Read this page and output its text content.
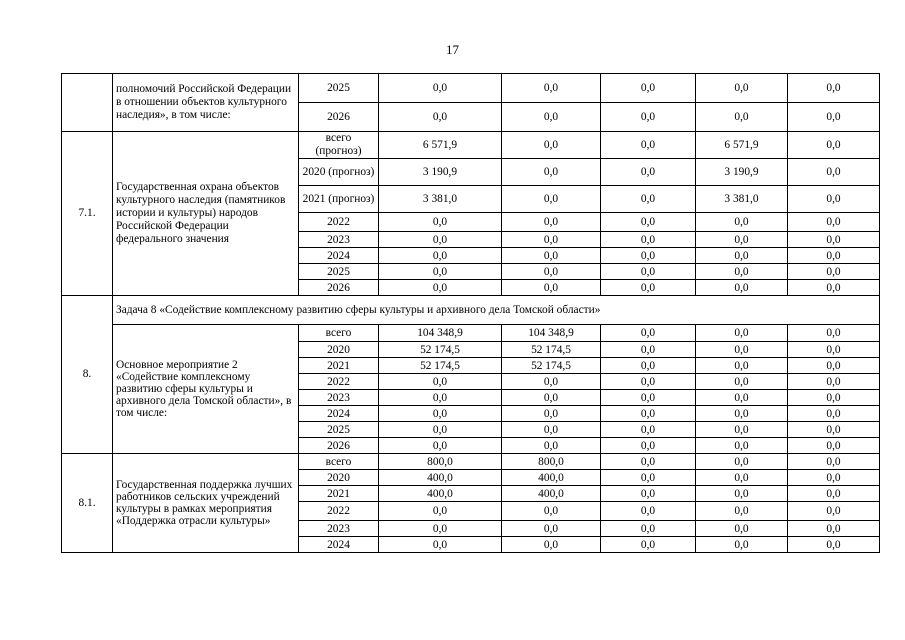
17
	полномочий Российской Федерации в отношении объектов культурного наследия», в том числе:	2025	0,0	0,0	0,0	0,0	0,0
		2026	0,0	0,0	0,0	0,0	0,0
7.1.	Государственная охрана объектов культурного наследия (памятников истории и культуры) народов Российской Федерации федерального значения	всего (прогноз)	6 571,9	0,0	0,0	6 571,9	0,0
		2020 (прогноз)	3 190,9	0,0	0,0	3 190,9	0,0
		2021 (прогноз)	3 381,0	0,0	0,0	3 381,0	0,0
		2022	0,0	0,0	0,0	0,0	0,0
		2023	0,0	0,0	0,0	0,0	0,0
		2024	0,0	0,0	0,0	0,0	0,0
		2025	0,0	0,0	0,0	0,0	0,0
		2026	0,0	0,0	0,0	0,0	0,0
8.	Задача 8 «Содействие комплексному развитию сферы культуры и архивного дела Томской области»						
	Основное мероприятие 2 «Содействие комплексному развитию сферы культуры и архивного дела Томской области», в том числе:	всего	104 348,9	104 348,9	0,0	0,0	0,0
		2020	52 174,5	52 174,5	0,0	0,0	0,0
		2021	52 174,5	52 174,5	0,0	0,0	0,0
		2022	0,0	0,0	0,0	0,0	0,0
		2023	0,0	0,0	0,0	0,0	0,0
		2024	0,0	0,0	0,0	0,0	0,0
		2025	0,0	0,0	0,0	0,0	0,0
		2026	0,0	0,0	0,0	0,0	0,0
8.1.	Государственная поддержка лучших работников сельских учреждений культуры в рамках мероприятия «Поддержка отрасли культуры»	всего	800,0	800,0	0,0	0,0	0,0
		2020	400,0	400,0	0,0	0,0	0,0
		2021	400,0	400,0	0,0	0,0	0,0
		2022	0,0	0,0	0,0	0,0	0,0
		2023	0,0	0,0	0,0	0,0	0,0
		2024	0,0	0,0	0,0	0,0	0,0
